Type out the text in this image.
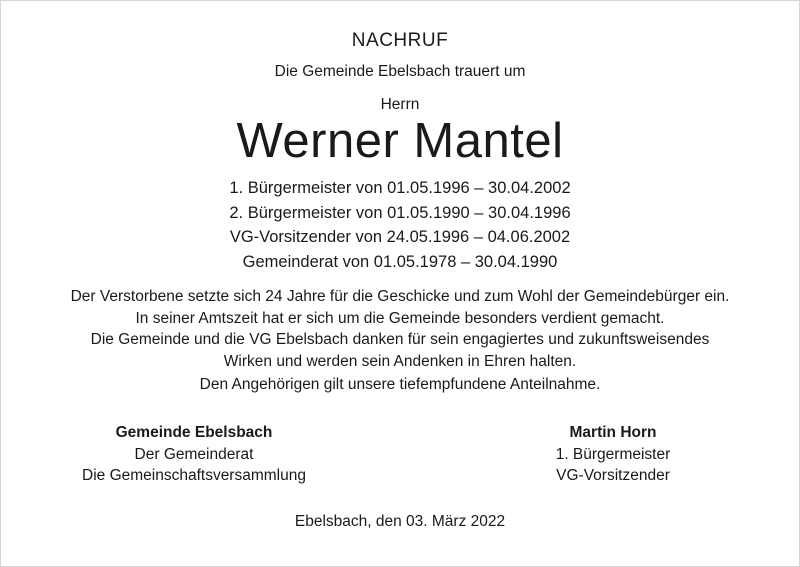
NACHRUF
Die Gemeinde Ebelsbach trauert um
Herrn
Werner Mantel
1. Bürgermeister von 01.05.1996 – 30.04.2002
2. Bürgermeister von 01.05.1990 – 30.04.1996
VG-Vorsitzender von 24.05.1996 – 04.06.2002
Gemeinderat von 01.05.1978 – 30.04.1990
Der Verstorbene setzte sich 24 Jahre für die Geschicke und zum Wohl der Gemeindebürger ein.
In seiner Amtszeit hat er sich um die Gemeinde besonders verdient gemacht.
Die Gemeinde und die VG Ebelsbach danken für sein engagiertes und zukunftsweisendes
Wirken und werden sein Andenken in Ehren halten.
Den Angehörigen gilt unsere tiefempfundene Anteilnahme.
Gemeinde Ebelsbach
Der Gemeinderat
Die Gemeinschaftsversammlung
Martin Horn
1. Bürgermeister
VG-Vorsitzender
Ebelsbach, den 03. März 2022
